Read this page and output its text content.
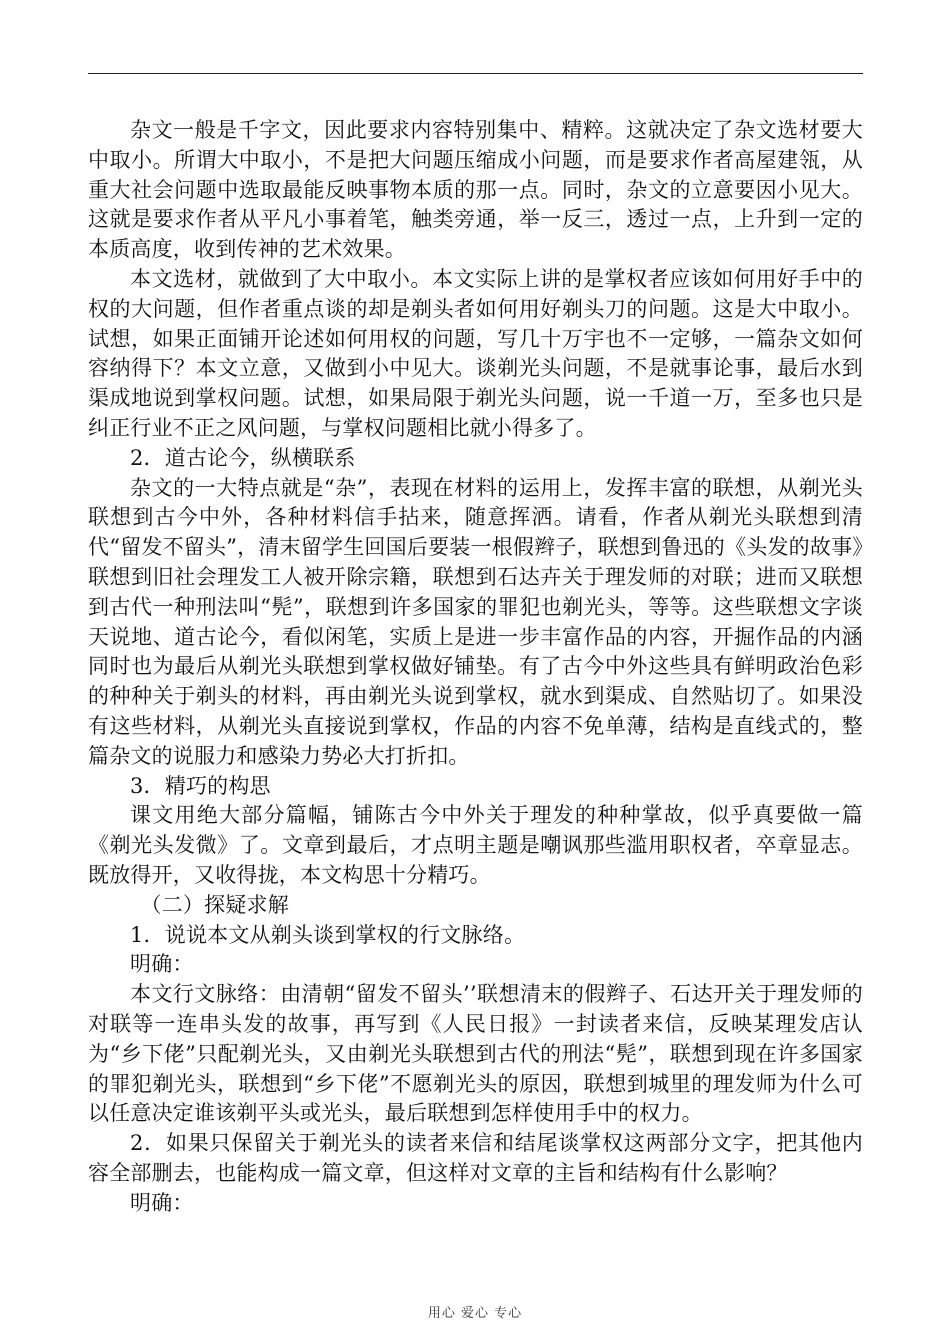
杂文一般是千字文，因此要求内容特别集中、精粹。这就决定了杂文选材要大中取小。所谓大中取小，不是把大问题压缩成小问题，而是要求作者高屋建瓴，从重大社会问题中选取最能反映事物本质的那一点。同时，杂文的立意要因小见大。这就是要求作者从平凡小事着笔，触类旁通，举一反三，透过一点，上升到一定的本质高度，收到传神的艺术效果。

本文选材，就做到了大中取小。本文实际上讲的是掌权者应该如何用好手中的权的大问题，但作者重点谈的却是剃头者如何用好剃头刀的问题。这是大中取小。试想，如果正面铺开论述如何用权的问题，写几十万宇也不一定够，一篇杂文如何容纳得下？本文立意，又做到小中见大。谈剃光头问题，不是就事论事，最后水到渠成地说到掌权问题。试想，如果局限于剃光头问题，说一千道一万，至多也只是纠正行业不正之风问题，与掌权问题相比就小得多了。

2．道古论今，纵横联系

杂文的一大特点就是“杂”，表现在材料的运用上，发挥丰富的联想，从剃光头联想到古今中外，各种材料信手拈来，随意挥洒。请看，作者从剃光头联想到清代“留发不留头”，清末留学生回国后要装一根假辫子，联想到鲁迅的《头发的故事》联想到旧社会理发工人被开除宗籍，联想到石达卉关于理发师的对联；进而又联想到古代一种刑法叫“髡”，联想到许多国家的罪犯也剃光头，等等。这些联想文字谈天说地、道古论今，看似闲笔，实质上是进一步丰富作品的内容，开掘作品的内涵同时也为最后从剃光头联想到掌权做好铺垫。有了古今中外这些具有鲜明政治色彩的种种关于剃头的材料，再由剃光头说到掌权，就水到渠成、自然贴切了。如果没有这些材料，从剃光头直接说到掌权，作品的内容不免单薄，结构是直线式的，整篇杂文的说服力和感染力势必大打折扣。

3．精巧的构思

课文用绝大部分篇幅，铺陈古今中外关于理发的种种掌故，似乎真要做一篇《剃光头发微》了。文章到最后，才点明主题是嘲讽那些滥用职权者，卒章显志。既放得开，又收得拢，本文构思十分精巧。

（二）探疑求解

1．说说本文从剃头谈到掌权的行文脉络。

明确：

本文行文脉络：由清朝“留发不留头’’联想清末的假辫子、石达开关于理发师的对联等一连串头发的故事，再写到《人民日报》一封读者来信，反映某理发店认为“乡下佬”只配剃光头，又由剃光头联想到古代的刑法“髡”，联想到现在许多国家的罪犯剃光头，联想到“乡下佬”不愿剃光头的原因，联想到城里的理发师为什么可以任意决定谁该剃平头或光头，最后联想到怎样使用手中的权力。

2．如果只保留关于剃光头的读者来信和结尾谈掌权这两部分文字，把其他内容全部删去，也能构成一篇文章，但这样对文章的主旨和结构有什么影响？

明确：

用心 爱心 专心
